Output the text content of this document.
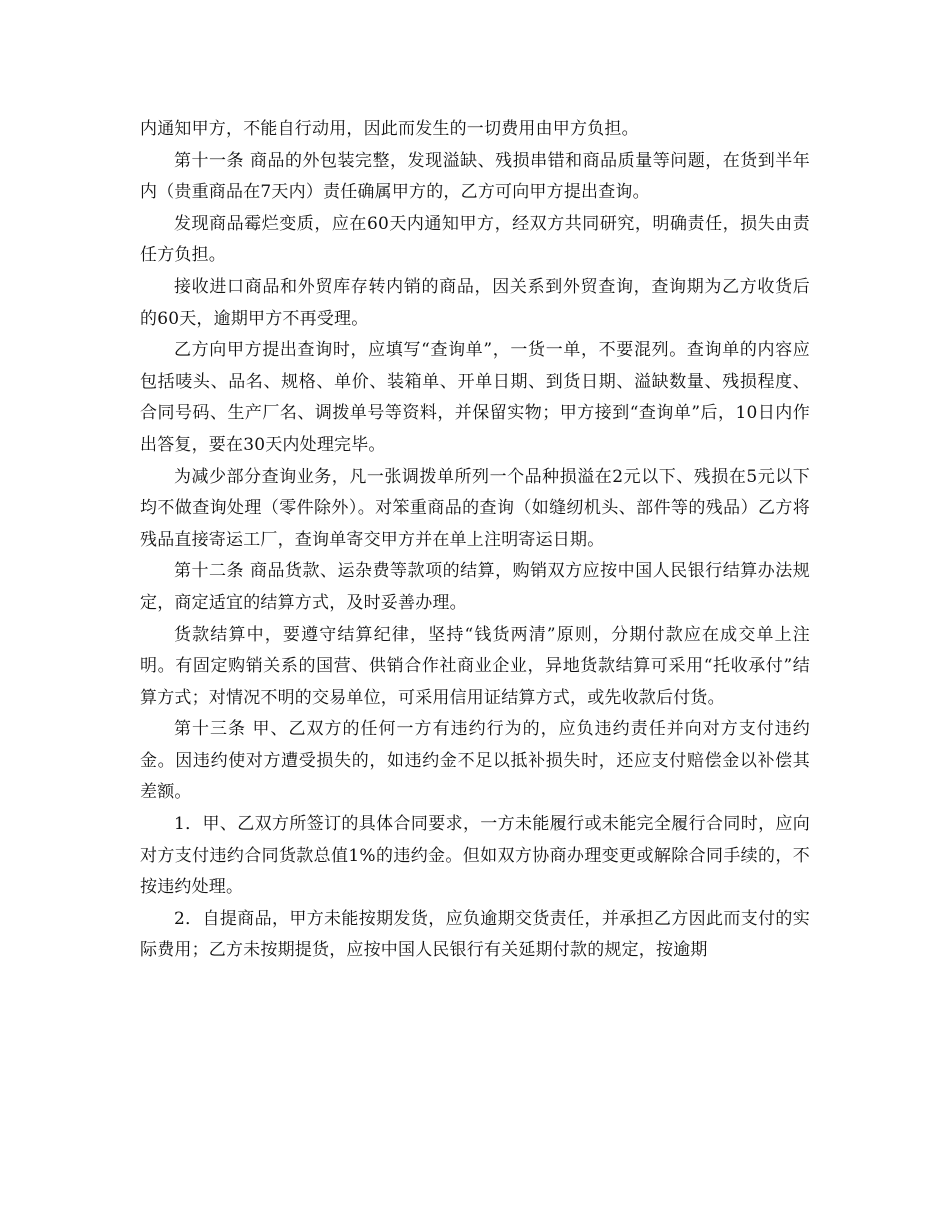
内通知甲方，不能自行动用，因此而发生的一切费用由甲方负担。

第十一条 商品的外包装完整，发现溢缺、残损串错和商品质量等问题，在货到半年内（贵重商品在7天内）责任确属甲方的，乙方可向甲方提出查询。

发现商品霉烂变质，应在60天内通知甲方，经双方共同研究，明确责任，损失由责任方负担。

接收进口商品和外贸库存转内销的商品，因关系到外贸查询，查询期为乙方收货后的60天，逾期甲方不再受理。

乙方向甲方提出查询时，应填写“查询单”，一货一单，不要混列。查询单的内容应包括唛头、品名、规格、单价、装箱单、开单日期、到货日期、溢缺数量、残损程度、合同号码、生产厂名、调拨单号等资料，并保留实物；甲方接到“查询单”后，10日内作出答复，要在30天内处理完毕。

为减少部分查询业务，凡一张调拨单所列一个品种损溢在2元以下、残损在5元以下均不做查询处理（零件除外）。对笨重商品的查询（如缝纫机头、部件等的残品）乙方将残品直接寄运工厂，查询单寄交甲方并在单上注明寄运日期。

第十二条 商品货款、运杂费等款项的结算，购销双方应按中国人民银行结算办法规定，商定适宜的结算方式，及时妥善办理。

货款结算中，要遵守结算纪律，坚持“钱货两清”原则，分期付款应在成交单上注明。有固定购销关系的国营、供销合作社商业企业，异地货款结算可采用“托收承付”结算方式；对情况不明的交易单位，可采用信用证结算方式，或先收款后付货。

第十三条 甲、乙双方的任何一方有违约行为的，应负违约责任并向对方支付违约金。因违约使对方遭受损失的，如违约金不足以抵补损失时，还应支付赔偿金以补偿其差额。

1．甲、乙双方所签订的具体合同要求，一方未能履行或未能完全履行合同时，应向对方支付违约合同货款总值1%的违约金。但如双方协商办理变更或解除合同手续的，不按违约处理。

2．自提商品，甲方未能按期发货，应负逾期交货责任，并承担乙方因此而支付的实际费用；乙方未按期提货，应按中国人民银行有关延期付款的规定，按逾期
